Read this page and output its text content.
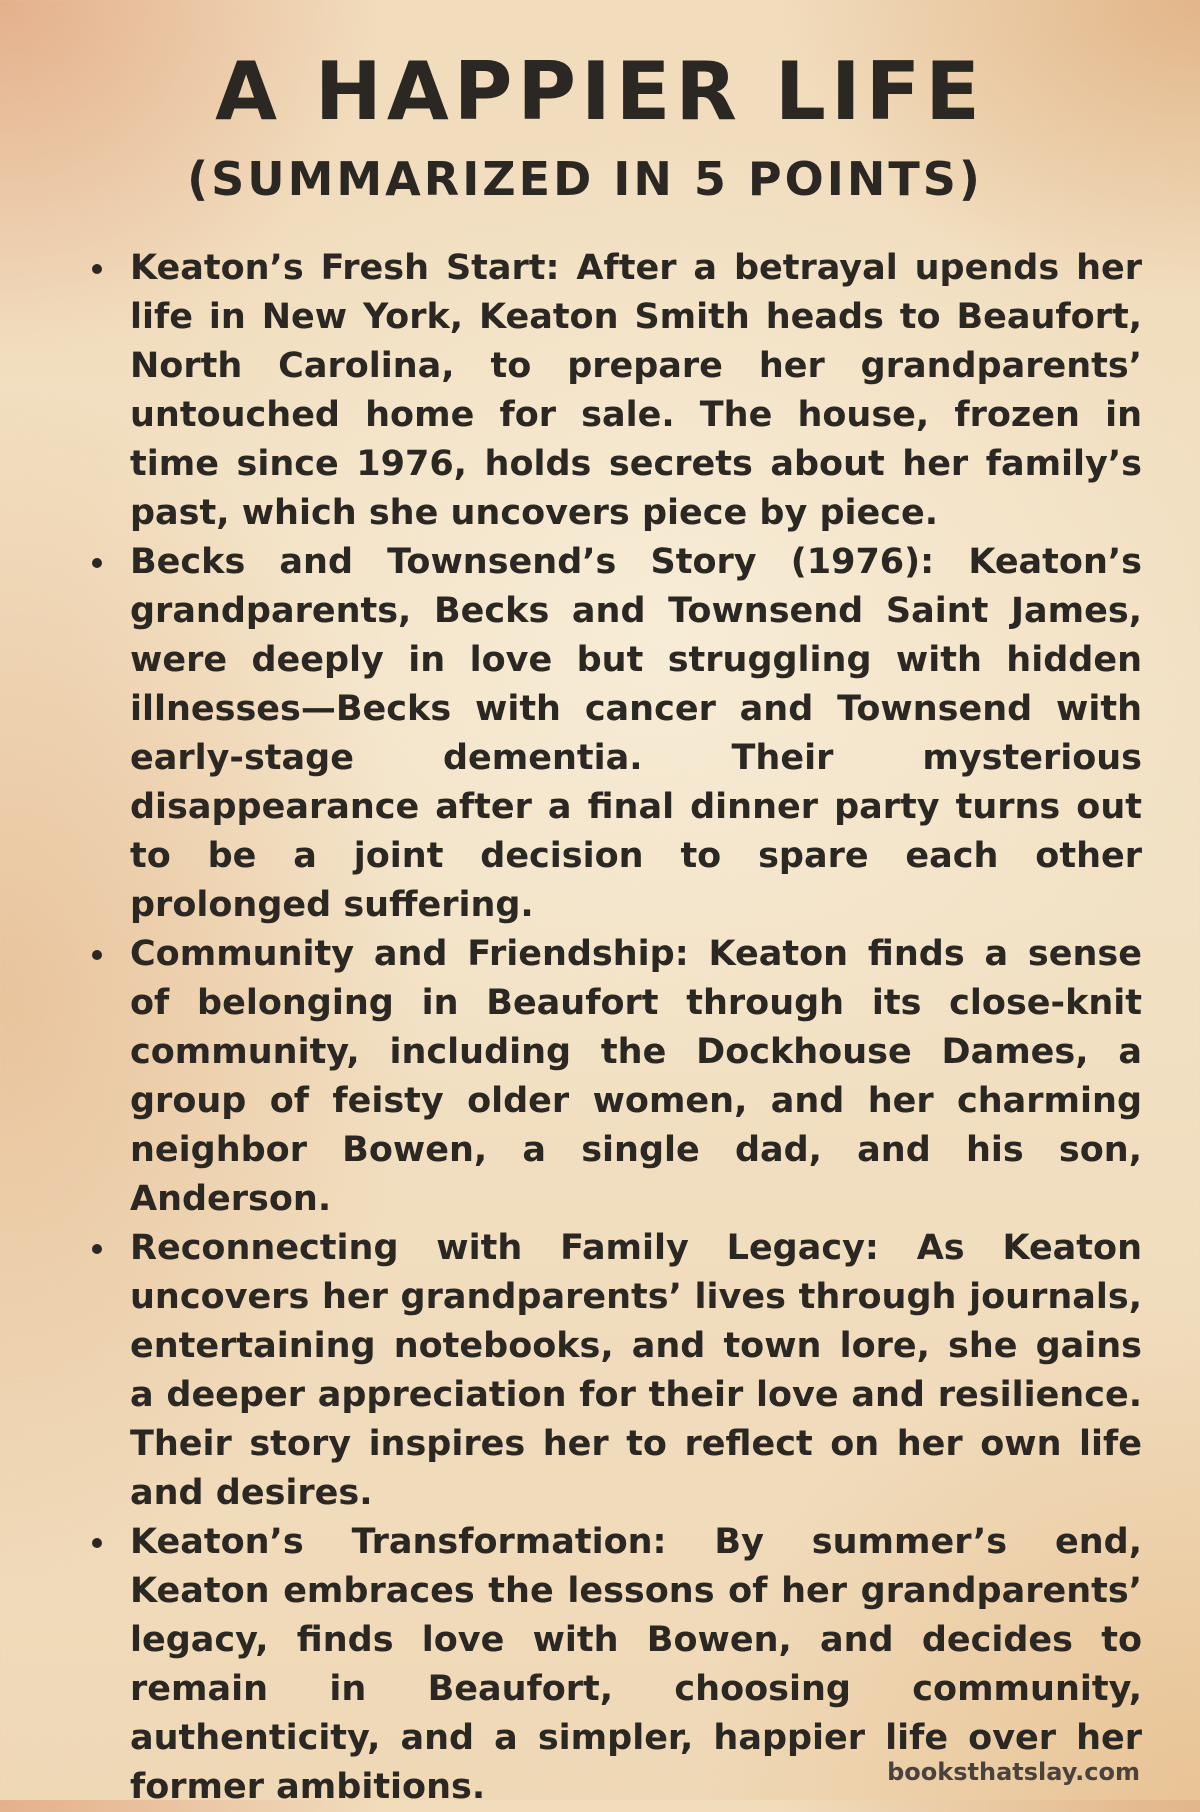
A HAPPIER LIFE
(SUMMARIZED IN 5 POINTS)
Keaton’s Fresh Start: After a betrayal upends her life in New York, Keaton Smith heads to Beaufort, North Carolina, to prepare her grandparents’ untouched home for sale. The house, frozen in time since 1976, holds secrets about her family’s past, which she uncovers piece by piece.
Becks and Townsend’s Story (1976): Keaton’s grandparents, Becks and Townsend Saint James, were deeply in love but struggling with hidden illnesses—Becks with cancer and Townsend with early-stage dementia. Their mysterious disappearance after a final dinner party turns out to be a joint decision to spare each other prolonged suffering.
Community and Friendship: Keaton finds a sense of belonging in Beaufort through its close-knit community, including the Dockhouse Dames, a group of feisty older women, and her charming neighbor Bowen, a single dad, and his son, Anderson.
Reconnecting with Family Legacy: As Keaton uncovers her grandparents’ lives through journals, entertaining notebooks, and town lore, she gains a deeper appreciation for their love and resilience. Their story inspires her to reflect on her own life and desires.
Keaton’s Transformation: By summer’s end, Keaton embraces the lessons of her grandparents’ legacy, finds love with Bowen, and decides to remain in Beaufort, choosing community, authenticity, and a simpler, happier life over her former ambitions.	booksthatslay.com
